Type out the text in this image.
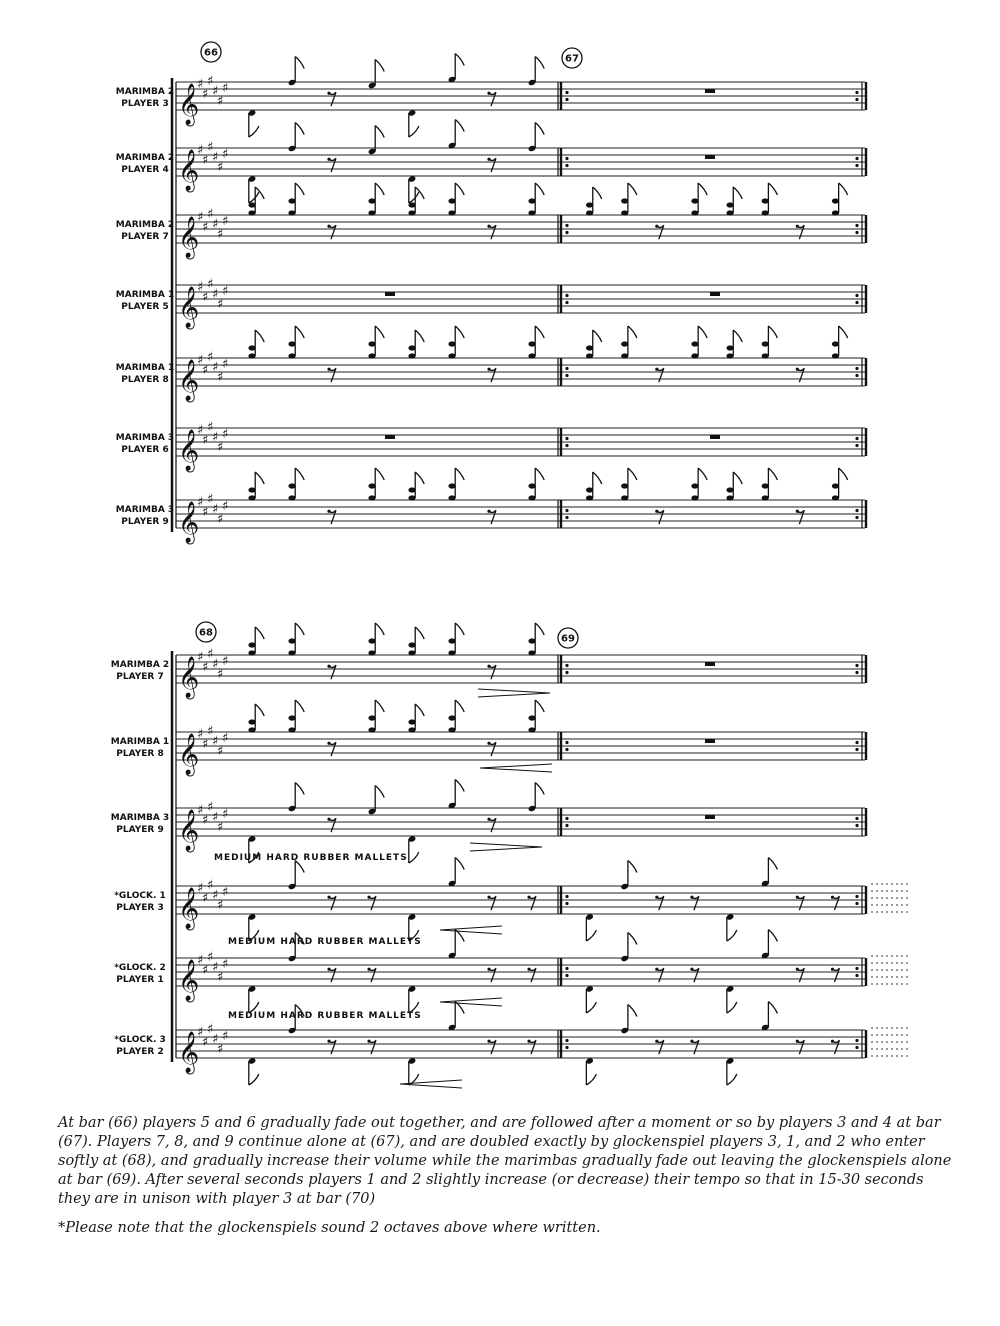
MARIMBA 2
PLAYER 3
MARIMBA 2
PLAYER 4
MARIMBA 2
PLAYER 7
MARIMBA 1
PLAYER 5
MARIMBA 1
PLAYER 8
MARIMBA 3
PLAYER 6
MARIMBA 3
PLAYER 9
66
67
MARIMBA 2
PLAYER 7
MARIMBA 1
PLAYER 8
MARIMBA 3
PLAYER 9
*GLOCK. 1
PLAYER 3
*GLOCK. 2
PLAYER 1
*GLOCK. 3
PLAYER 2
68
69
MEDIUM HARD RUBBER MALLETS
MEDIUM HARD RUBBER MALLETS
MEDIUM HARD RUBBER MALLETS
𝄞
♯
♯
♯
♯
♯
♯
𝄞
♯
♯
♯
♯
♯
♯
𝄞
♯
♯
♯
♯
♯
♯
𝄞
♯
♯
♯
♯
♯
♯
𝄞
♯
♯
♯
♯
♯
♯
𝄞
♯
♯
♯
♯
♯
♯
𝄞
♯
♯
♯
♯
♯
♯
𝄞
♯
♯
♯
♯
♯
♯
𝄞
♯
♯
♯
♯
♯
♯
𝄞
♯
♯
♯
♯
♯
♯
𝄞
♯
♯
♯
♯
♯
♯
𝄞
♯
♯
♯
♯
♯
♯
𝄞
♯
♯
♯
♯
♯
♯

At bar (66) players 5 and 6 gradually fade out together, and are followed after a moment or so by players 3 and 4 at bar (67). Players 7, 8, and 9 continue alone at (67), and are doubled exactly by glockenspiel players 3, 1, and 2 who enter softly at (68), and gradually increase their volume while the marimbas gradually fade out leaving the glockenspiels alone at bar (69). After several seconds players 1 and 2 slightly increase (or decrease) their tempo so that in 15-30 seconds they are in unison with player 3 at bar (70)

*Please note that the glockenspiels sound 2 octaves above where written.
